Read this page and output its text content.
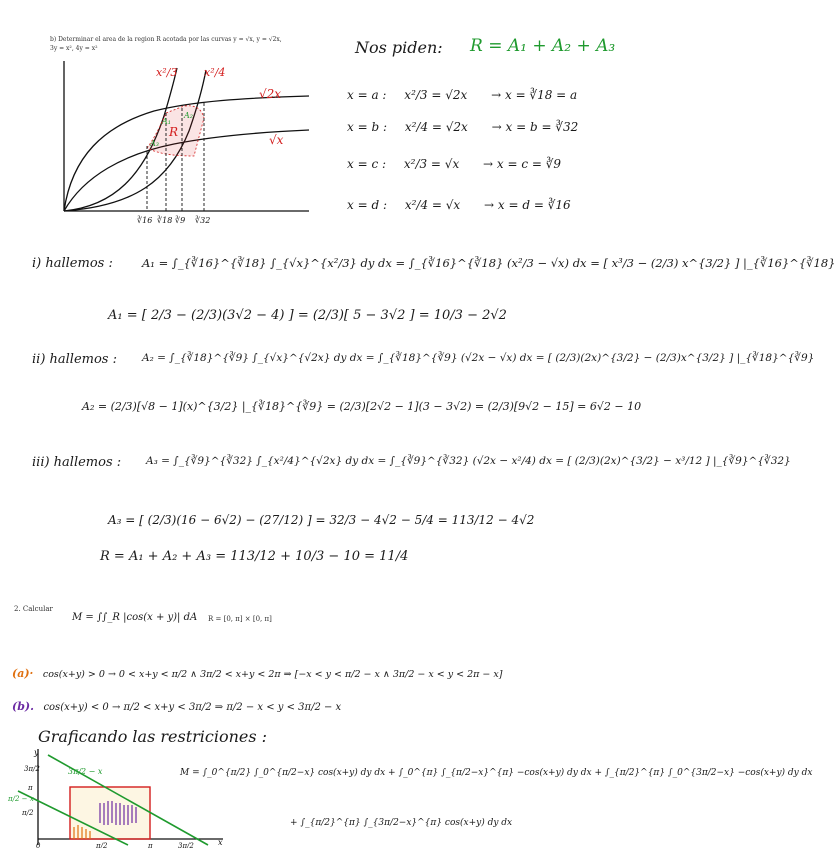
b) Determinar el area de la region R acotada por las curvas y = √x, y = √2x,
3y = x², 4y = x²	Nos piden: R = A₁ + A₂ + A₃
x²/3 x²/4
√2x
√x
R
A₁
A₂
A₃
∛16 ∛18 ∛9 ∛32
x = a : x²/3 = √2x → x = ∛18 = a
x = b : x²/4 = √2x → x = b = ∛32
x = c : x²/3 = √x → x = c = ∛9
x = d : x²/4 = √x → x = d = ∛16
i) hallemos :	A₁ = ∫_{∛16}^{∛18} ∫_{√x}^{x²/3} dy dx = ∫_{∛16}^{∛18} (x²/3 − √x) dx = [ x³/3 − (2/3) x^{3/2} ] |_{∛16}^{∛18}
A₁ = [ 2/3 − (2/3)(3√2 − 4) ] = (2/3)[ 5 − 3√2 ] = 10/3 − 2√2
ii) hallemos : A₂ = ∫_{∛18}^{∛9} ∫_{√x}^{√2x} dy dx = ∫_{∛18}^{∛9} (√2x − √x) dx = [ (2/3)(2x)^{3/2} − (2/3)x^{3/2} ] |_{∛18}^{∛9}
A₂ = (2/3)[√8 − 1](x)^{3/2} |_{∛18}^{∛9} = (2/3)[2√2 − 1](3 − 3√2) = (2/3)[9√2 − 15] = 6√2 − 10
iii) hallemos : A₃ = ∫_{∛9}^{∛32} ∫_{x²/4}^{√2x} dy dx = ∫_{∛9}^{∛32} (√2x − x²/4) dx = [ (2/3)(2x)^{3/2} − x³/12 ] |_{∛9}^{∛32}
A₃ = [ (2/3)(16 − 6√2) − (27/12) ] = 32/3 − 4√2 − 5/4 = 113/12 − 4√2
R = A₁ + A₂ + A₃ = 113/12 + 10/3 − 10 = 11/4
2. Calcular
M = ∫∫_R |cos(x + y)| dA R = [0, π] × [0, π]
(a)· cos(x+y) > 0 → 0 < x+y < π/2 ∧ 3π/2 < x+y < 2π ⇒ [−x < y < π/2 − x ∧ 3π/2 − x < y < 2π − x]
(b). cos(x+y) < 0 → π/2 < x+y < 3π/2 ⇒ π/2 − x < y < 3π/2 − x
Graficando las restriciones :
y
3π/2
π
π/2
3π/2 − x
π/2 − x
0	π/2	π	3π/2	x
M = ∫_0^{π/2} ∫_0^{π/2−x} cos(x+y) dy dx + ∫_0^{π} ∫_{π/2−x}^{π} −cos(x+y) dy dx + ∫_{π/2}^{π} ∫_0^{3π/2−x} −cos(x+y) dy dx
+ ∫_{π/2}^{π} ∫_{3π/2−x}^{π} cos(x+y) dy dx
